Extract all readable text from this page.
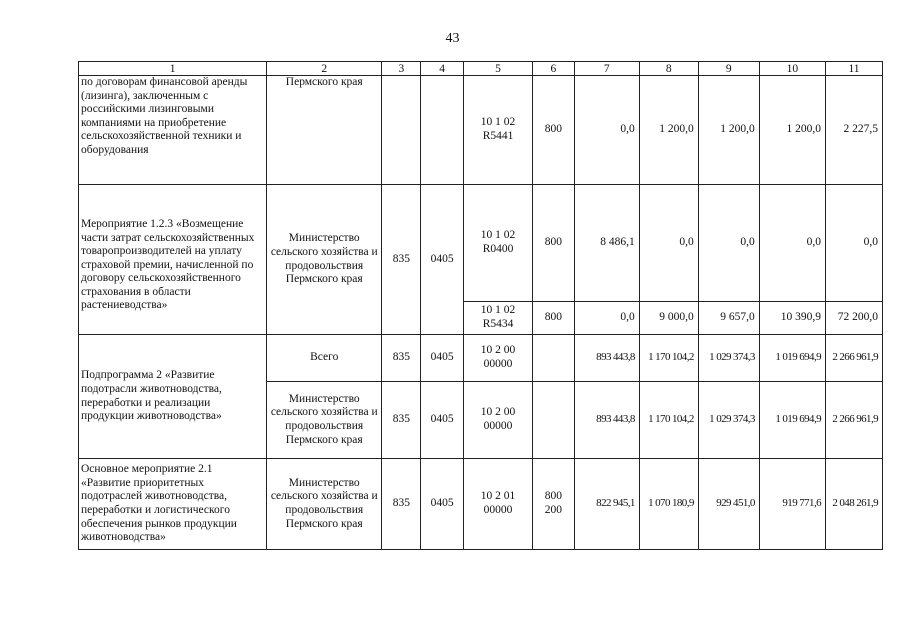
43
1	2	3	4	5	6	7	8	9	10	11
по договорам финансовой аренды (лизинга), заключенным с российскими лизинговыми компаниями на приобретение сельскохозяйственной техники и оборудования	Пермского края			10 1 02 R5441	800	0,0	1 200,0	1 200,0	1 200,0	2 227,5
Мероприятие 1.2.3 «Возмещение части затрат сельскохозяйственных товаропроизводителей на уплату страховой премии, начисленной по договору сельскохозяйственного страхования в области растениеводства»	Министерство сельского хозяйства и продовольствия Пермского края	835	0405	10 1 02 R0400	800	8 486,1	0,0	0,0	0,0	0,0
				10 1 02 R5434	800	0,0	9 000,0	9 657,0	10 390,9	72 200,0
Подпрограмма 2 «Развитие подотрасли животноводства, переработки и реализации продукции животноводства»	Всего	835	0405	10 2 00 00000		893 443,8	1 170 104,2	1 029 374,3	1 019 694,9	2 266 961,9
	Министерство сельского хозяйства и продовольствия Пермского края	835	0405	10 2 00 00000		893 443,8	1 170 104,2	1 029 374,3	1 019 694,9	2 266 961,9
Основное мероприятие 2.1 «Развитие приоритетных подотраслей животноводства, переработки и логистического обеспечения рынков продукции животноводства»	Министерство сельского хозяйства и продовольствия Пермского края	835	0405	10 2 01 00000	800 200	822 945,1	1 070 180,9	929 451,0	919 771,6	2 048 261,9
